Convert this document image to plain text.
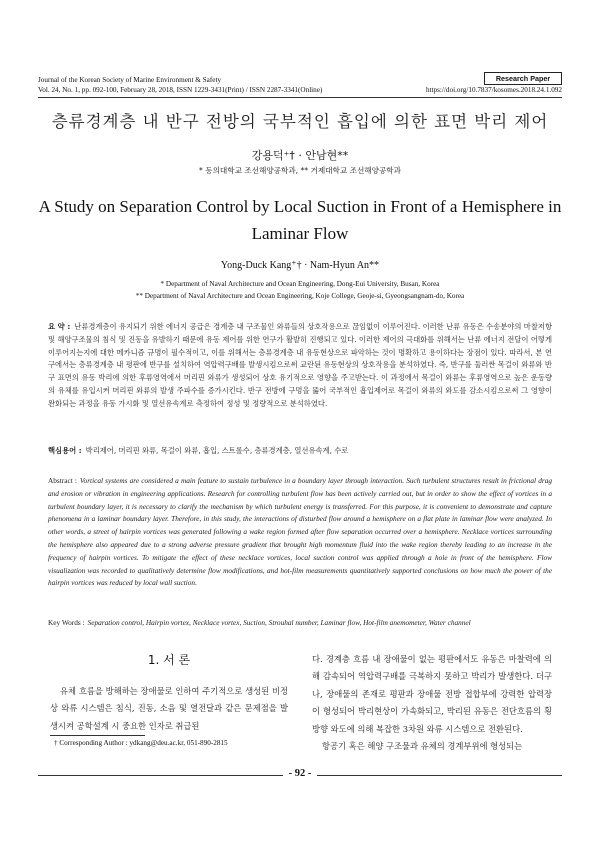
Journal of the Korean Society of Marine Environment & Safety	Research Paper
Vol. 24, No. 1, pp. 092-100, February 28, 2018, ISSN 1229-3431(Print) / ISSN 2287-3341(Online)	https://doi.org/10.7837/kosomes.2018.24.1.092
층류경계층 내 반구 전방의 국부적인 흡입에 의한 표면 박리 제어
강용덕⁺† · 안남현**
* 동의대학교 조선해양공학과, ** 거제대학교 조선해양공학과
A Study on Separation Control by Local Suction in Front of a Hemisphere in Laminar Flow
Yong-Duck Kang⁺† · Nam-Hyun An**
* Department of Naval Architecture and Ocean Engineering, Dong-Eui University, Busan, Korea
** Department of Naval Architecture and Ocean Engineering, Koje College, Geoje-si, Gyeongsangnam-do, Korea
요 약 : 난류경계층이 유지되기 위한 에너지 공급은 경계층 내 구조물인 와류들의 상호작용으로 끊임없이 이루어진다. 이러한 난류 유동은 수송분야의 마찰저항 및 해양구조물의 침식 및 진동을 유발하기 때문에 유동 제어를 위한 연구가 활발히 진행되고 있다. 이러한 제어의 극대화를 위해서는 난류 에너지 전달이 어떻게 이루어지는지에 대한 메카니즘 규명이 필수적이고, 이를 위해서는 층류경계층 내 유동현상으로 파악하는 것이 명확하고 용이하다는 장점이 있다. 따라서, 본 연구에서는 층류경계층 내 평판에 반구를 설치하여 역압력구배를 발생시킴으로써 교란된 유동현상의 상호작용을 분석하였다. 즉, 반구를 둘러싼 목걸이 와류와 반구 표면의 유동 박리에 의한 후류영역에서 머리핀 와류가 생성되어 상호 유기적으로 영향을 주고받는다. 이 과정에서 목걸이 와류는 후류영역으로 높은 운동량의 유체를 유입시켜 머리핀 와류의 발생 주파수를 증가시킨다. 반구 전방에 구멍을 뚫어 국부적인 흡입제어로 목걸이 와류의 와도를 감소시킴으로써 그 영향이 완화되는 과정을 유동 가시화 및 열선유속계로 측정하여 정성 및 정량적으로 분석하였다.
핵심용어 : 박리제어, 머리핀 와류, 목걸이 와류, 흡입, 스트롤수, 층류경계층, 열선유속계, 수로
Abstract : Vortical systems are considered a main feature to sustain turbulence in a boundary layer through interaction. Such turbulent structures result in frictional drag and erosion or vibration in engineering applications. Research for controlling turbulent flow has been actively carried out, but in order to show the effect of vortices in a turbulent boundary layer, it is necessary to clarify the mechanism by which turbulent energy is transferred. For this purpose, it is convenient to demonstrate and capture phenomena in a laminar boundary layer. Therefore, in this study, the interactions of disturbed flow around a hemisphere on a flat plate in laminar flow were analyzed. In other words, a street of hairpin vortices was generated following a wake region formed after flow separation occurred over a hemisphere. Necklace vortices surrounding the hemisphere also appeared due to a strong adverse pressure gradient that brought high momentum fluid into the wake region thereby leading to an increase in the frequency of hairpin vortices. To mitigate the effect of these necklace vortices, local suction control was applied through a hole in front of the hemisphere. Flow visualization was recorded to qualitatively determine flow modifications, and hot-film measurements quantitatively supported conclusions on how much the power of the hairpin vortices was reduced by local wall suction.
Key Words : Separation control, Hairpin vortex, Necklace vortex, Suction, Strouhal number, Laminar flow, Hot-film anemometer, Water channel
1. 서 론
유체 흐름을 방해하는 장애물로 인하여 주기적으로 생성된 비정상 와류 시스템은 침식, 진동, 소음 및 열전달과 같은 문제점을 발생시켜 공학설계 시 중요한 인자로 취급된
다. 경계층 흐름 내 장애물이 없는 평판에서도 유동은 마찰력에 의해 감속되어 역압력구배를 극복하지 못하고 박리가 발생한다. 더구나, 장애물의 존재로 평판과 장애물 전방 접합부에 강력한 압력장이 형성되어 박리현상이 가속화되고, 박리된 유동은 전단흐름의 횡방향 와도에 의해 복잡한 3차원 와류 시스템으로 전환된다.
항공기 혹은 해양 구조물과 유체의 경계부위에 형성되는
† Corresponding Author : ydkang@deu.ac.kr, 051-890-2815
- 92 -
